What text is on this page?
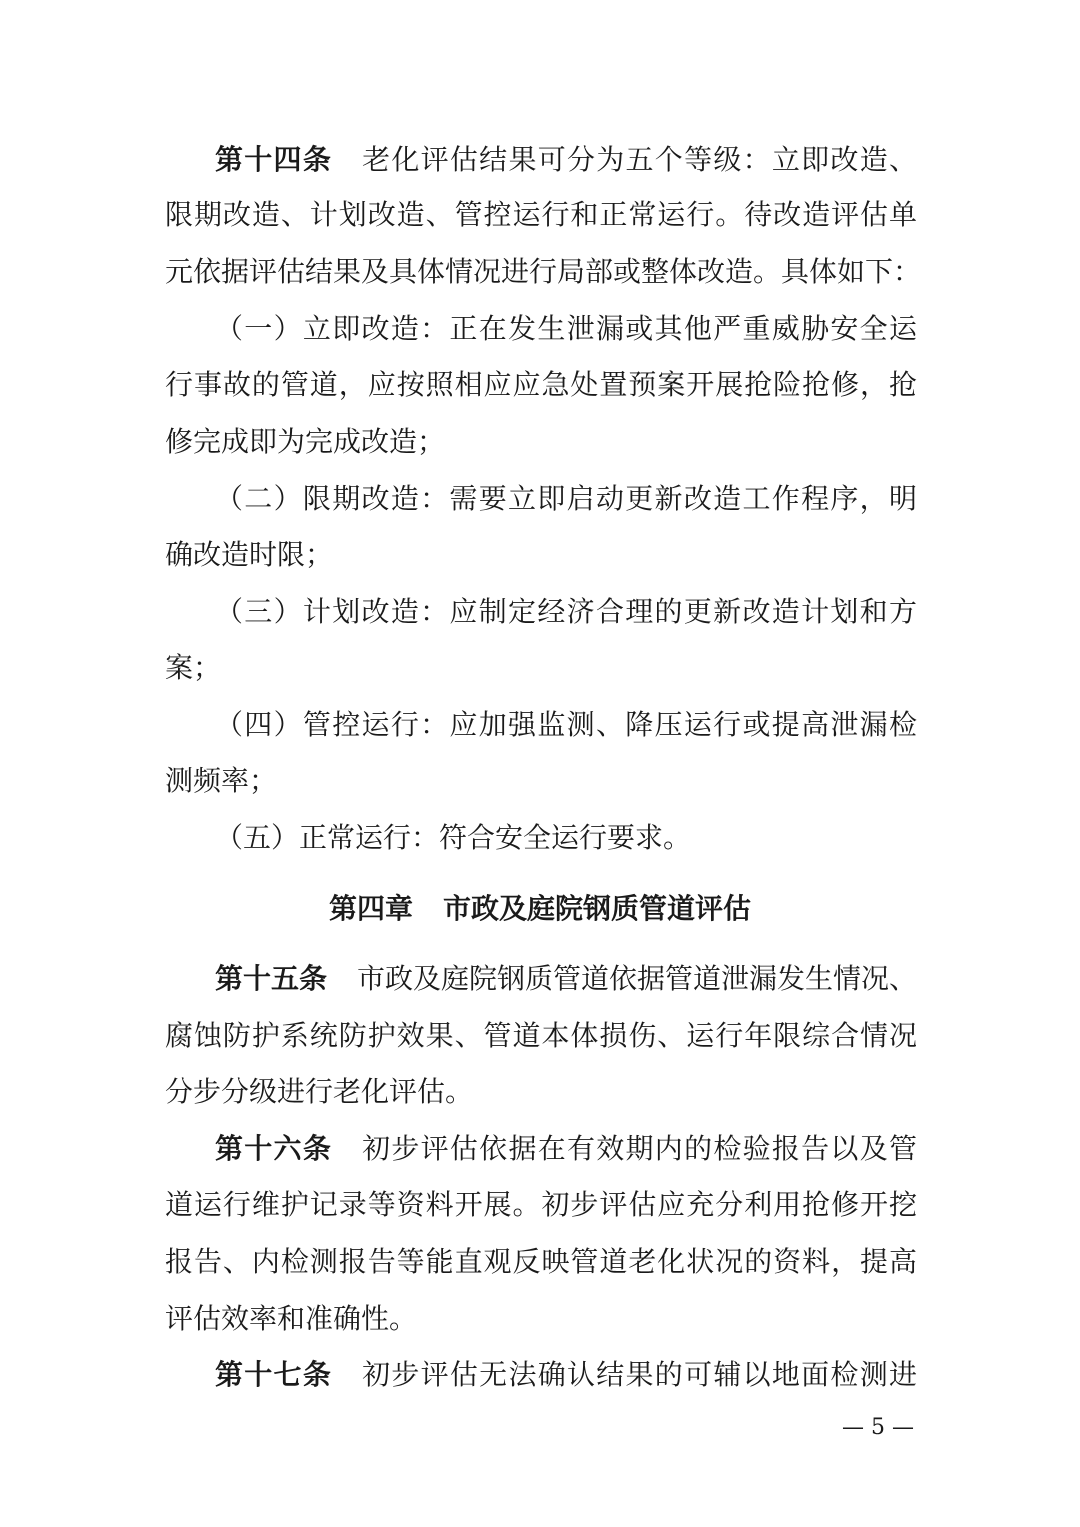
第四章 市政及庭院钢质管道评估
— 5 —
第十四条 老化评估结果可分为五个等级：立即改造、
限期改造、计划改造、管控运行和正常运行。待改造评估单
元依据评估结果及具体情况进行局部或整体改造。具体如下：
（一）立即改造：正在发生泄漏或其他严重威胁安全运
行事故的管道，应按照相应应急处置预案开展抢险抢修，抢
修完成即为完成改造；
（二）限期改造：需要立即启动更新改造工作程序，明
确改造时限；
（三）计划改造：应制定经济合理的更新改造计划和方
案；
（四）管控运行：应加强监测、降压运行或提高泄漏检
测频率；
（五）正常运行：符合安全运行要求。
第十五条 市政及庭院钢质管道依据管道泄漏发生情况、
腐蚀防护系统防护效果、管道本体损伤、运行年限综合情况
分步分级进行老化评估。
第十六条 初步评估依据在有效期内的检验报告以及管
道运行维护记录等资料开展。初步评估应充分利用抢修开挖
报告、内检测报告等能直观反映管道老化状况的资料，提高
评估效率和准确性。
第十七条 初步评估无法确认结果的可辅以地面检测进
